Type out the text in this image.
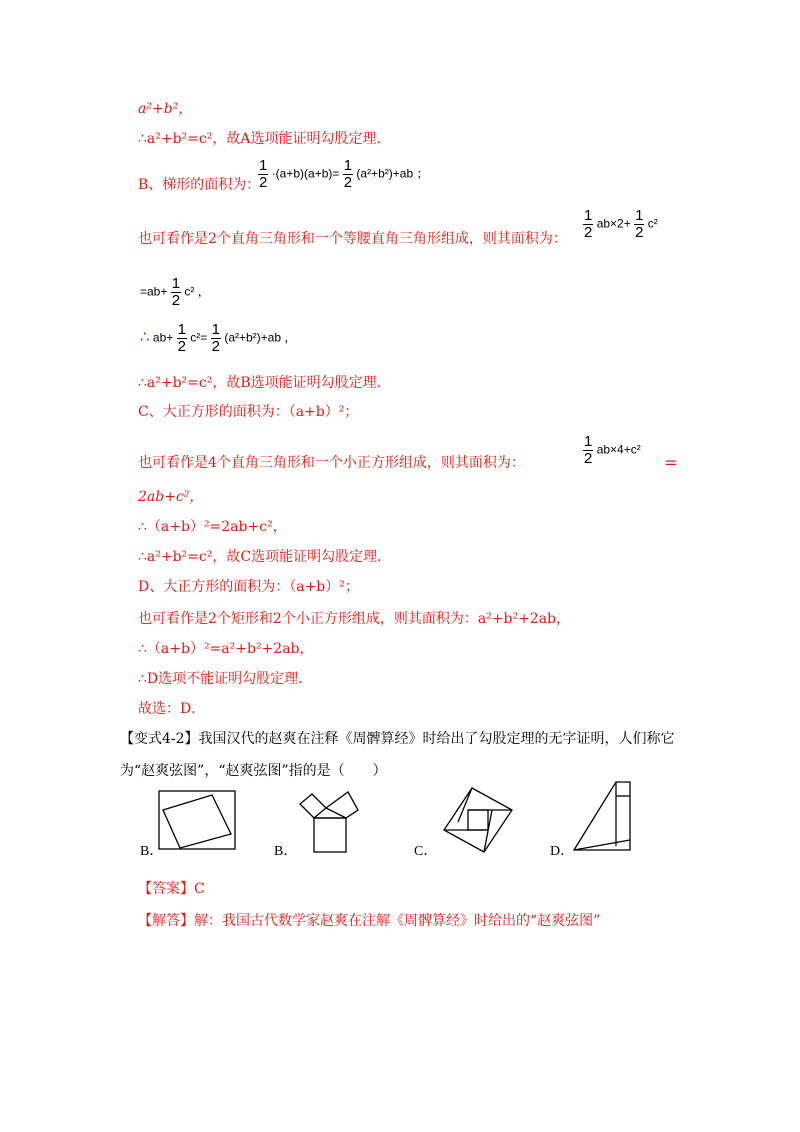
a²+b²，
∴a²+b²=c²，故A选项能证明勾股定理．
B、梯形的面积为：
$\frac{1}{2} \cdot(a+b)(a+b)= \frac{1}{2} (a^2+b^2)+ab$ ；
也可看作是2个直角三角形和一个等腰直角三角形组成，则其面积为： $\frac{1}{2} ab\times 2+ \frac{1}{2} c^2$
$=ab+ \frac{1}{2} c^2$ ，
∴ $ab+ \frac{1}{2} c^2= \frac{1}{2} (a^2+b^2)+ab$ ，
∴a²+b²=c²，故B选项能证明勾股定理．
C、大正方形的面积为：（a+b）²；
也可看作是4个直角三角形和一个小正方形组成，则其面积为：	$\frac{1}{2} ab\times 4+c^2$
=
2ab+c²，
∴（a+b）²=2ab+c²，
∴a²+b²=c²，故C选项能证明勾股定理．
D、大正方形的面积为：（a+b）²；
也可看作是2个矩形和2个小正方形组成，则其面积为：a²+b²+2ab，
∴（a+b）²=a²+b²+2ab，
∴D选项不能证明勾股定理．
故选：D．
【变式4-2】我国汉代的赵爽在注释《周髀算经》时给出了勾股定理的无字证明，人们称它
为“赵爽弦图”，“赵爽弦图”指的是（　　）
B．	B．	C．	D．
【答案】C
【解答】解：我国古代数学家赵爽在注解《周髀算经》时给出的“赵爽弦图”
